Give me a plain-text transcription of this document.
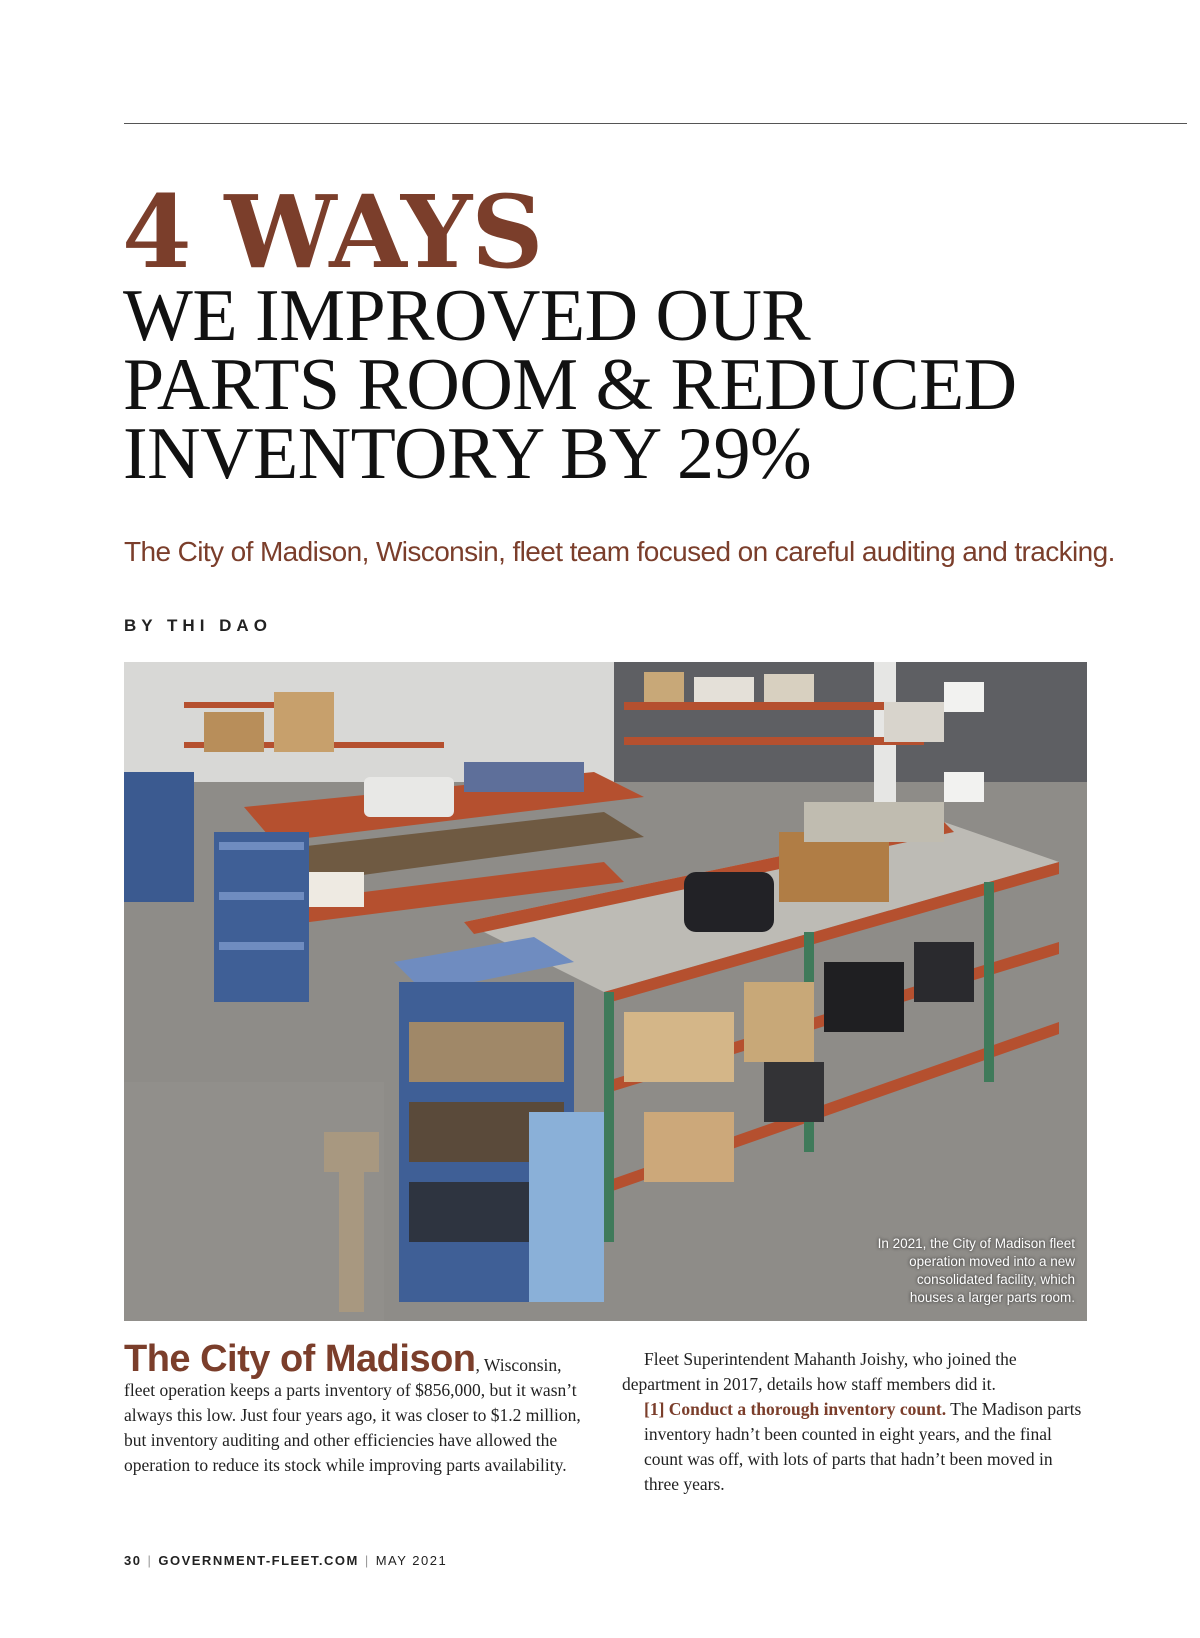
4 WAYS
WE IMPROVED OUR
PARTS ROOM & REDUCED
INVENTORY BY 29%
The City of Madison, Wisconsin, fleet team focused on careful auditing and tracking.
BY THI DAO
In 2021, the City of Madison fleet operation moved into a new consolidated facility, which houses a larger parts room.

The City of Madison, Wisconsin, fleet operation keeps a parts inventory of $856,000, but it wasn’t always this low. Just four years ago, it was closer to $1.2 million, but inventory auditing and other efficiencies have allowed the operation to reduce its stock while improving parts availability.

Fleet Superintendent Mahanth Joishy, who joined the department in 2017, details how staff members did it.

[1] Conduct a thorough inventory count. The Madison parts inventory hadn’t been counted in eight years, and the final count was off, with lots of parts that hadn’t been moved in three years.

30 | GOVERNMENT-FLEET.COM | MAY 2021
